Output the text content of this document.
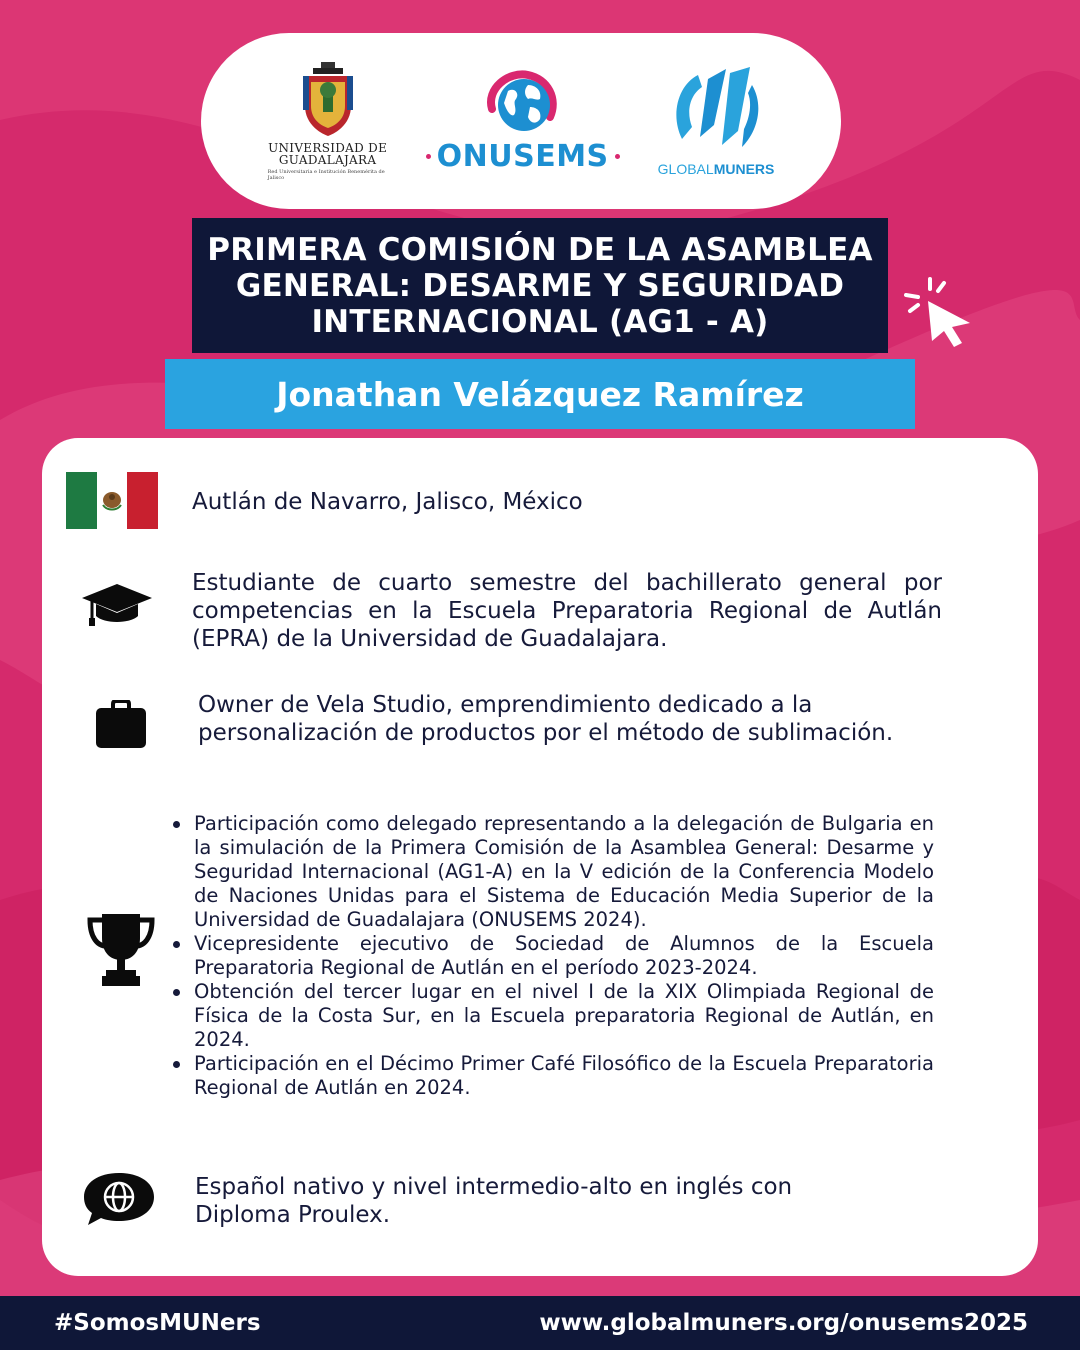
UNIVERSIDAD DE
GUADALAJARA
Red Universitaria e Institución Benemérita de Jalisco
ONUSEMS	GLOBALMUNERS
PRIMERA COMISIÓN DE LA ASAMBLEA GENERAL: DESARME Y SEGURIDAD INTERNACIONAL (AG1 - A)
Jonathan Velázquez Ramírez
Autlán de Navarro, Jalisco, México
Estudiante de cuarto semestre del bachillerato general por competencias en la Escuela Preparatoria Regional de Autlán (EPRA) de la Universidad de Guadalajara.
Owner de Vela Studio, emprendimiento dedicado a la personalización de productos por el método de sublimación.
Participación como delegado representando a la delegación de Bulgaria en la simulación de la Primera Comisión de la Asamblea General: Desarme y Seguridad Internacional (AG1-A) en la V edición de la Conferencia Modelo de Naciones Unidas para el Sistema de Educación Media Superior de la Universidad de Guadalajara (ONUSEMS 2024).
Vicepresidente ejecutivo de Sociedad de Alumnos de la Escuela Preparatoria Regional de Autlán en el período 2023-2024.
Obtención del tercer lugar en el nivel I de la XIX Olimpiada Regional de Física de la Costa Sur, en la Escuela preparatoria Regional de Autlán, en 2024.
Participación en el Décimo Primer Café Filosófico de la Escuela Preparatoria Regional de Autlán en 2024.
Español nativo y nivel intermedio-alto en inglés con Diploma Proulex.
#SomosMUNers	www.globalmuners.org/onusems2025
